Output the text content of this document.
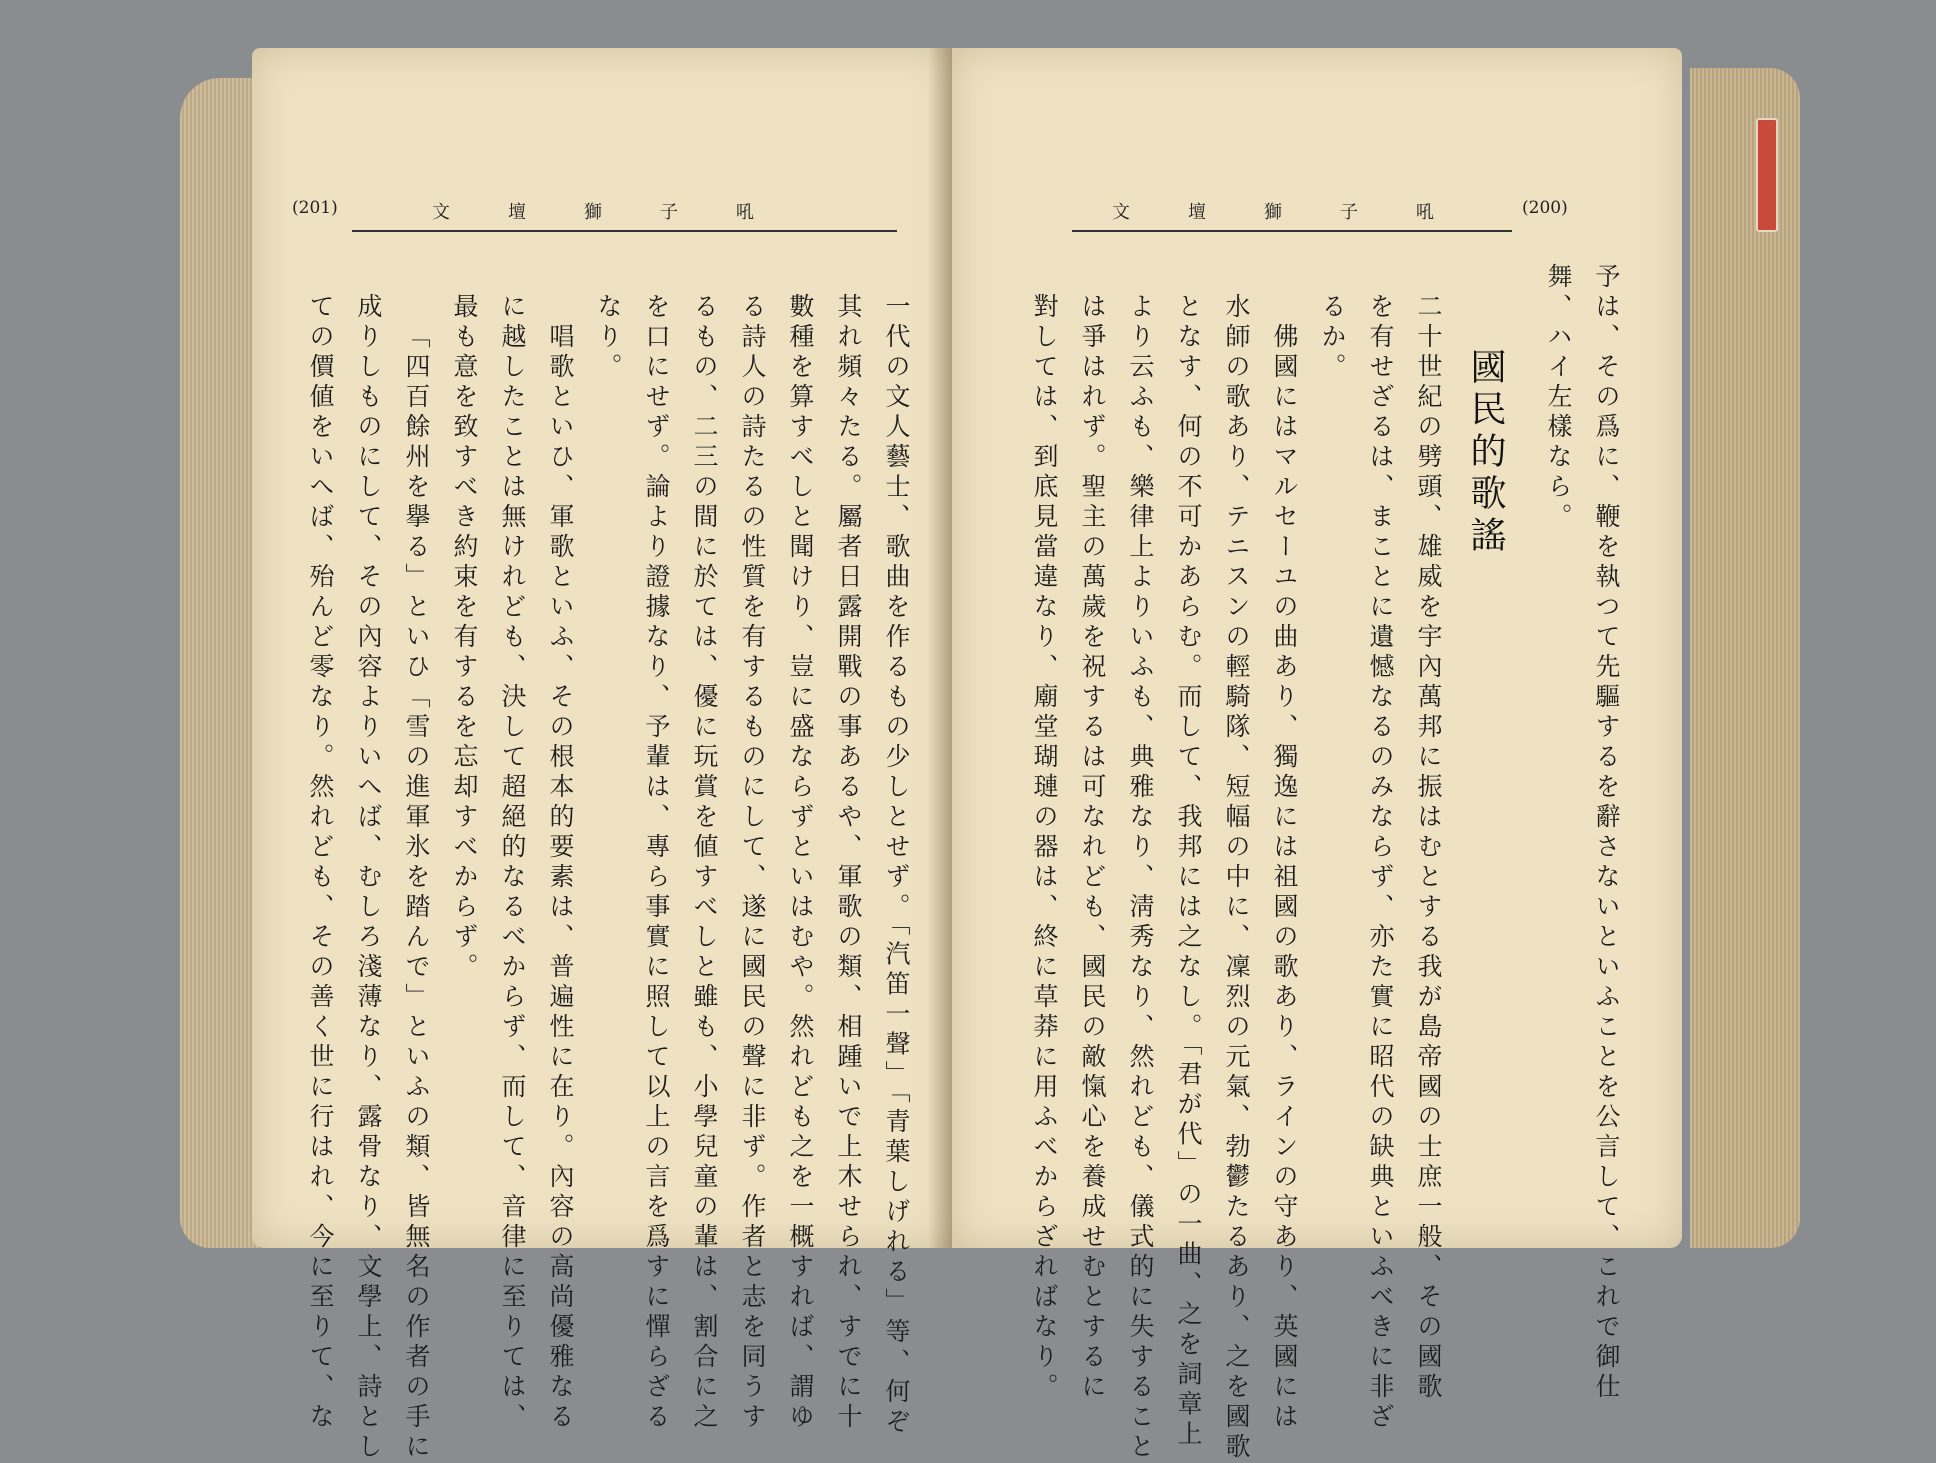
(201)	文壇獅子吼
一代の文人藝士、歌曲を作るもの少しとせず。「汽笛一聲」「青葉しげれる」等、何ぞ
其れ頻々たる。屬者日露開戰の事あるや、軍歌の類、相踵いで上木せられ、すでに十
數種を算すべしと聞けり、豈に盛ならずといはむや。然れども之を一概すれば、謂ゆ
る詩人の詩たるの性質を有するものにして、遂に國民の聲に非ず。作者と志を同うす
るもの、二三の間に於ては、優に玩賞を値すべしと雖も、小學兒童の輩は、割合に之
を口にせず。論より證據なり、予輩は、專ら事實に照して以上の言を爲すに憚らざる
なり。
唱歌といひ、軍歌といふ、その根本的要素は、普遍性に在り。內容の高尚優雅なる
に越したことは無けれども、決して超絕的なるべからず、而して、音律に至りては、
最も意を致すべき約束を有するを忘却すべからず。
「四百餘州を擧る」といひ「雪の進軍氷を踏んで」といふの類、皆無名の作者の手に
成りしものにして、その內容よりいへば、むしろ淺薄なり、露骨なり、文學上、詩とし
ての價値をいへば、殆んど零なり。然れども、その善く世に行はれ、今に至りて、な
文壇獅子吼 (200)
予は、その爲に、鞭を執つて先驅するを辭さないといふことを公言して、これで御仕
舞、ハイ左樣なら。
國民的歌謠
二十世紀の劈頭、雄威を宇內萬邦に振はむとする我が島帝國の士庶一般、その國歌
を有せざるは、まことに遺憾なるのみならず、亦た實に昭代の缺典といふべきに非ざ
るか。
佛國にはマルセーユの曲あり、獨逸には祖國の歌あり、ラインの守あり、英國には
水師の歌あり、テニスンの輕騎隊、短幅の中に、凜烈の元氣、勃鬱たるあり、之を國歌
となす、何の不可かあらむ。而して、我邦には之なし。「君が代」の一曲、之を詞章上
より云ふも、樂律上よりいふも、典雅なり、淸秀なり、然れども、儀式的に失すること
は爭はれず。聖主の萬歲を祝するは可なれども、國民の敵愾心を養成せむとするに
對しては、到底見當違なり、廟堂瑚璉の器は、終に草莽に用ふべからざればなり。
